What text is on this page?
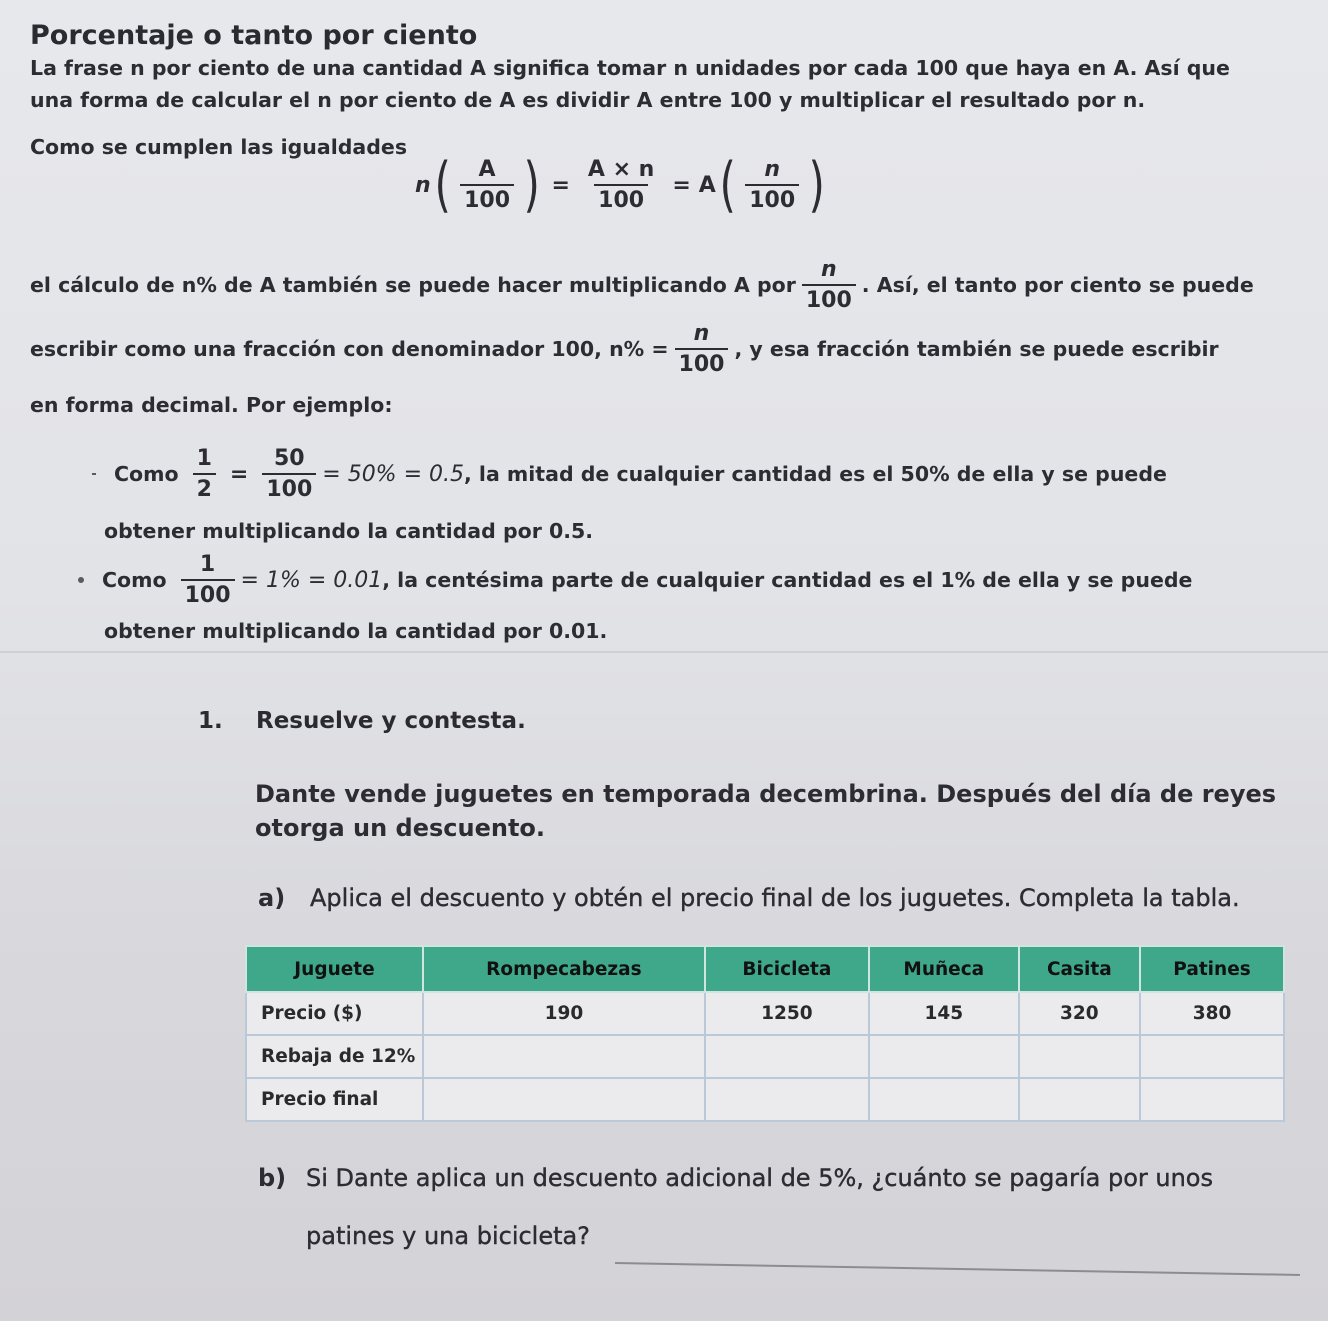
Porcentaje o tanto por ciento
La frase n por ciento de una cantidad A significa tomar n unidades por cada 100 que haya en A. Así que
una forma de calcular el n por ciento de A es dividir A entre 100 y multiplicar el resultado por n.
Como se cumplen las igualdades
n ( $\frac{A}{100}$ ) = $\frac{A \times n}{100} = A$ ( $\frac{n}{100}$ )
el cálculo de n% de A también se puede hacer multiplicando A por $\frac{n}{100}$ . Así, el tanto por ciento se puede
escribir como una fracción con denominador 100, $n\% = \frac{n}{100}$ , y esa fracción también se puede escribir
en forma decimal. Por ejemplo:
Como $\frac{1}{2} = \frac{50}{100} = 50\% = 0.5$ , la mitad de cualquier cantidad es el 50% de ella y se puede
obtener multiplicando la cantidad por 0.5.
Como $\frac{1}{100} = 1\% = 0.01$ , la centésima parte de cualquier cantidad es el 1% de ella y se puede
obtener multiplicando la cantidad por 0.01.
1. Resuelve y contesta.
Dante vende juguetes en temporada decembrina. Después del día de reyes
otorga un descuento.
a) Aplica el descuento y obtén el precio final de los juguetes. Completa la tabla.
Juguete	Rompecabezas	Bicicleta	Muñeca	Casita	Patines
Precio ($)	190	1250	145	320	380
Rebaja de 12%					
Precio final					
b) Si Dante aplica un descuento adicional de 5%, ¿cuánto se pagaría por unos
patines y una bicicleta?
